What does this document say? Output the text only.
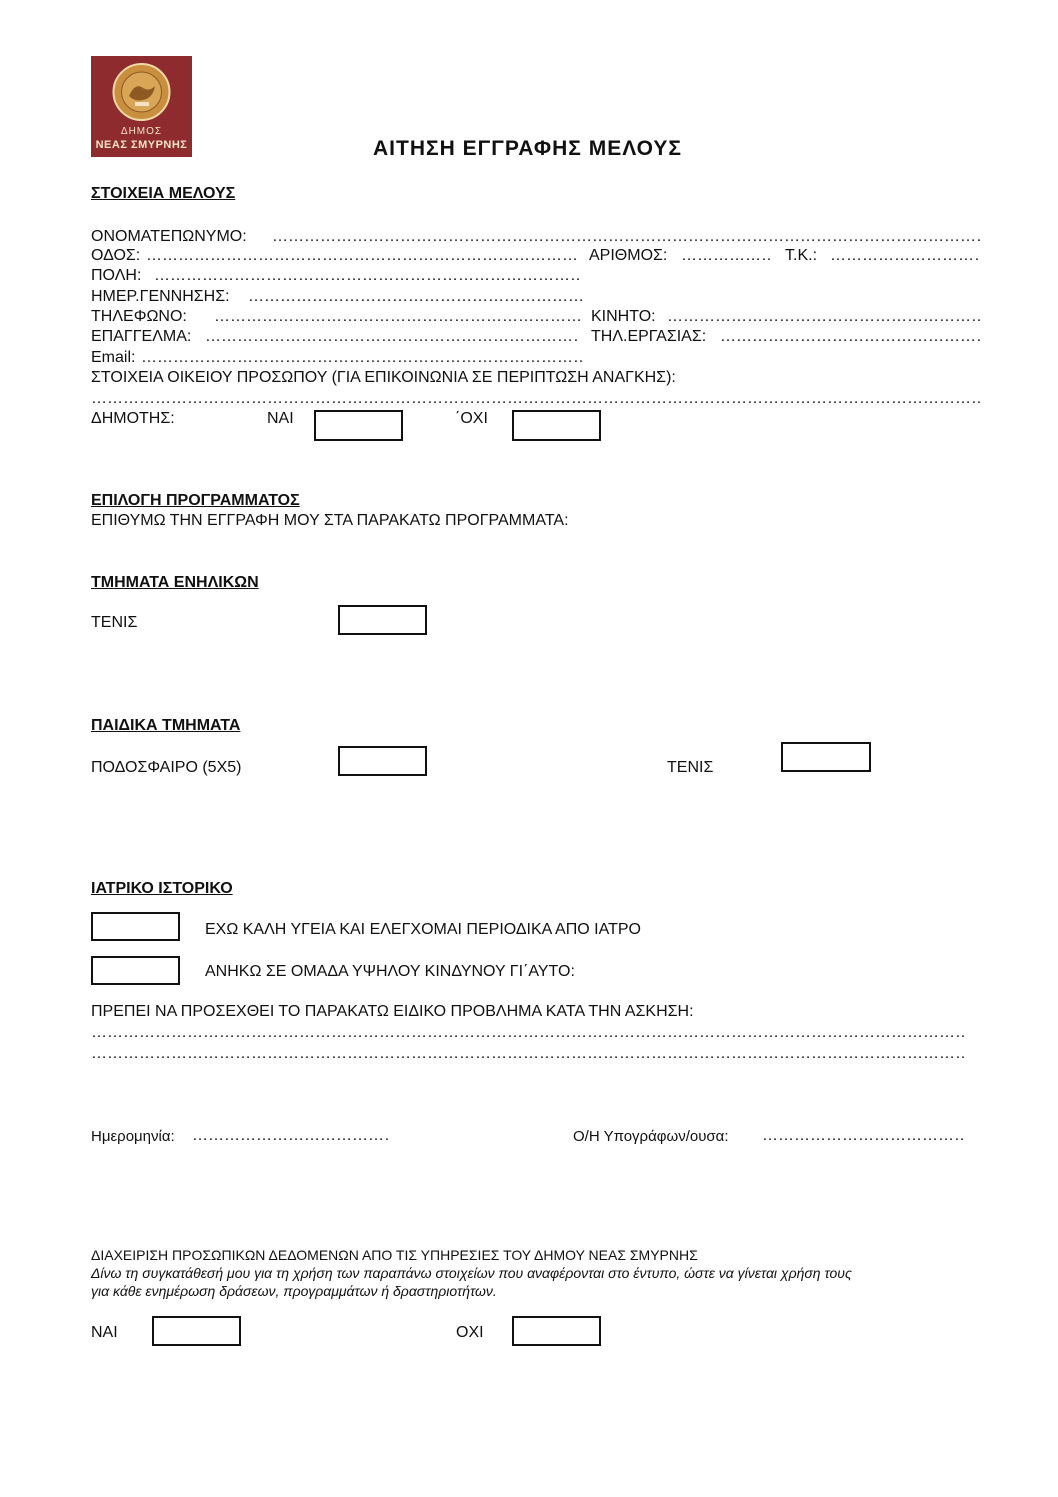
ΔΗΜΟΣ
ΝΕΑΣ ΣΜΥΡΝΗΣ	ΑΙΤΗΣΗ ΕΓΓΡΑΦΗΣ ΜΕΛΟΥΣ
ΣΤΟΙΧΕΙΑ ΜΕΛΟΥΣ
ΟΝΟΜΑΤΕΠΩΝΥΜΟ:
……………………………………………………………………………………………………………………………………………………………………
ΟΔΟΣ: ……………………………………………………………………………………………………………………………………………………………………	ΑΡΙΘΜΟΣ: ……………………………………………………………………………………………………………………………………………………………………	Τ.Κ.:
……………………………………………………………………………………………………………………………………………………………………
ΠΟΛΗ:
……………………………………………………………………………………………………………………………………………………………………
ΗΜΕΡ.ΓΕΝΝΗΣΗΣ:
……………………………………………………………………………………………………………………………………………………………………
ΤΗΛΕΦΩΝΟ: ……………………………………………………………………………………………………………………………………………………………………	ΚΙΝΗΤΟ:
……………………………………………………………………………………………………………………………………………………………………
ΕΠΑΓΓΕΛΜΑ: ……………………………………………………………………………………………………………………………………………………………………	ΤΗΛ.ΕΡΓΑΣΙΑΣ:
……………………………………………………………………………………………………………………………………………………………………
Email:
……………………………………………………………………………………………………………………………………………………………………
ΣΤΟΙΧΕΙΑ ΟΙΚΕΙΟΥ ΠΡΟΣΩΠΟΥ (ΓΙΑ ΕΠΙΚΟΙΝΩΝΙΑ ΣΕ ΠΕΡΙΠΤΩΣΗ ΑΝΑΓΚΗΣ):
……………………………………………………………………………………………………………………………………………………………………
ΔΗΜΟΤΗΣ:	ΝΑΙ	΄ΟΧΙ
ΕΠΙΛΟΓΗ ΠΡΟΓΡΑΜΜΑΤΟΣ
ΕΠΙΘΥΜΩ ΤΗΝ ΕΓΓΡΑΦΗ ΜΟΥ ΣΤΑ ΠΑΡΑΚΑΤΩ ΠΡΟΓΡΑΜΜΑΤΑ:
ΤΜΗΜΑΤΑ ΕΝΗΛΙΚΩΝ
ΤΕΝΙΣ
ΠΑΙΔΙΚΑ ΤΜΗΜΑΤΑ
ΠΟΔΟΣΦΑΙΡΟ (5Χ5)	ΤΕΝΙΣ
ΙΑΤΡΙΚΟ ΙΣΤΟΡΙΚΟ
ΕΧΩ ΚΑΛΗ ΥΓΕΙΑ ΚΑΙ ΕΛΕΓΧΟΜΑΙ ΠΕΡΙΟΔΙΚΑ ΑΠΟ ΙΑΤΡΟ
ΑΝΗΚΩ ΣΕ ΟΜΑΔΑ ΥΨΗΛΟΥ ΚΙΝΔΥΝΟΥ ΓΙ΄ΑΥΤΟ:
ΠΡΕΠΕΙ ΝΑ ΠΡΟΣΕΧΘΕΙ ΤΟ ΠΑΡΑΚΑΤΩ ΕΙΔΙΚΟ ΠΡΟΒΛΗΜΑ ΚΑΤΑ ΤΗΝ ΑΣΚΗΣΗ:
……………………………………………………………………………………………………………………………………………………………………
……………………………………………………………………………………………………………………………………………………………………
Ημερομηνία: ……………………………………………………………………………………………………………………………………………………………………	Ο/Η Υπογράφων/ουσα:
……………………………………………………………………………………………………………………………………………………………………
ΔΙΑΧΕΙΡΙΣΗ ΠΡΟΣΩΠΙΚΩΝ ΔΕΔΟΜΕΝΩΝ ΑΠΟ ΤΙΣ ΥΠΗΡΕΣΙΕΣ ΤΟΥ ΔΗΜΟΥ ΝΕΑΣ ΣΜΥΡΝΗΣ
Δίνω τη συγκατάθεσή μου για τη χρήση των παραπάνω στοιχείων που αναφέρονται στο έντυπο, ώστε να γίνεται χρήση τους
για κάθε ενημέρωση δράσεων, προγραμμάτων ή δραστηριοτήτων.
ΝΑΙ	ΟΧΙ
